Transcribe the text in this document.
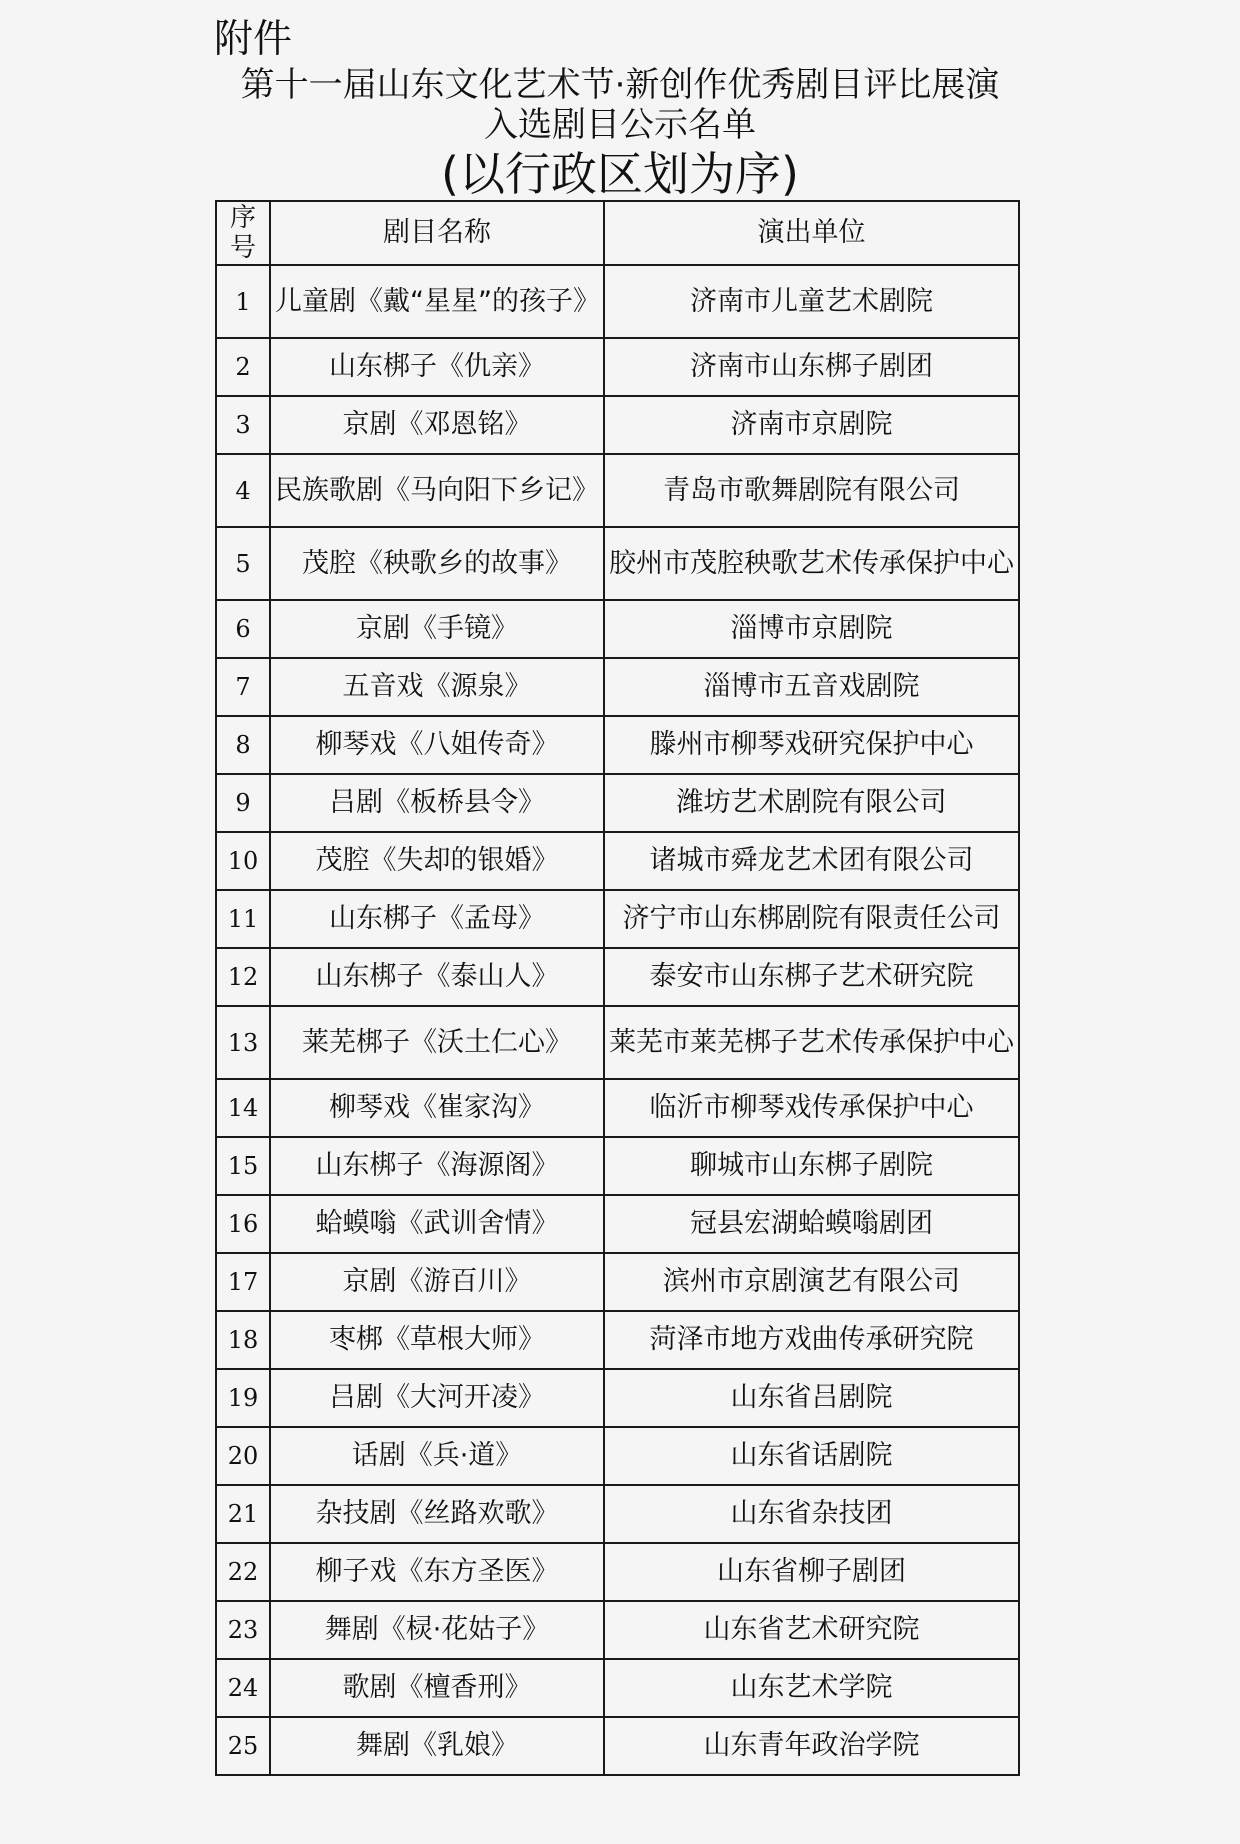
附件
第十一届山东文化艺术节·新创作优秀剧目评比展演
入选剧目公示名单
(以行政区划为序)
序号	剧目名称	演出单位
1	儿童剧《戴“星星”的孩子》	济南市儿童艺术剧院
2	山东梆子《仇亲》	济南市山东梆子剧团
3	京剧《邓恩铭》	济南市京剧院
4	民族歌剧《马向阳下乡记》	青岛市歌舞剧院有限公司
5	茂腔《秧歌乡的故事》	胶州市茂腔秧歌艺术传承保护中心
6	京剧《手镜》	淄博市京剧院
7	五音戏《源泉》	淄博市五音戏剧院
8	柳琴戏《八姐传奇》	滕州市柳琴戏研究保护中心
9	吕剧《板桥县令》	潍坊艺术剧院有限公司
10	茂腔《失却的银婚》	诸城市舜龙艺术团有限公司
11	山东梆子《孟母》	济宁市山东梆剧院有限责任公司
12	山东梆子《泰山人》	泰安市山东梆子艺术研究院
13	莱芜梆子《沃土仁心》	莱芜市莱芜梆子艺术传承保护中心
14	柳琴戏《崔家沟》	临沂市柳琴戏传承保护中心
15	山东梆子《海源阁》	聊城市山东梆子剧院
16	蛤蟆嗡《武训舍情》	冠县宏湖蛤蟆嗡剧团
17	京剧《游百川》	滨州市京剧演艺有限公司
18	枣梆《草根大师》	菏泽市地方戏曲传承研究院
19	吕剧《大河开凌》	山东省吕剧院
20	话剧《兵·道》	山东省话剧院
21	杂技剧《丝路欢歌》	山东省杂技团
22	柳子戏《东方圣医》	山东省柳子剧团
23	舞剧《棂·花姑子》	山东省艺术研究院
24	歌剧《檀香刑》	山东艺术学院
25	舞剧《乳娘》	山东青年政治学院
